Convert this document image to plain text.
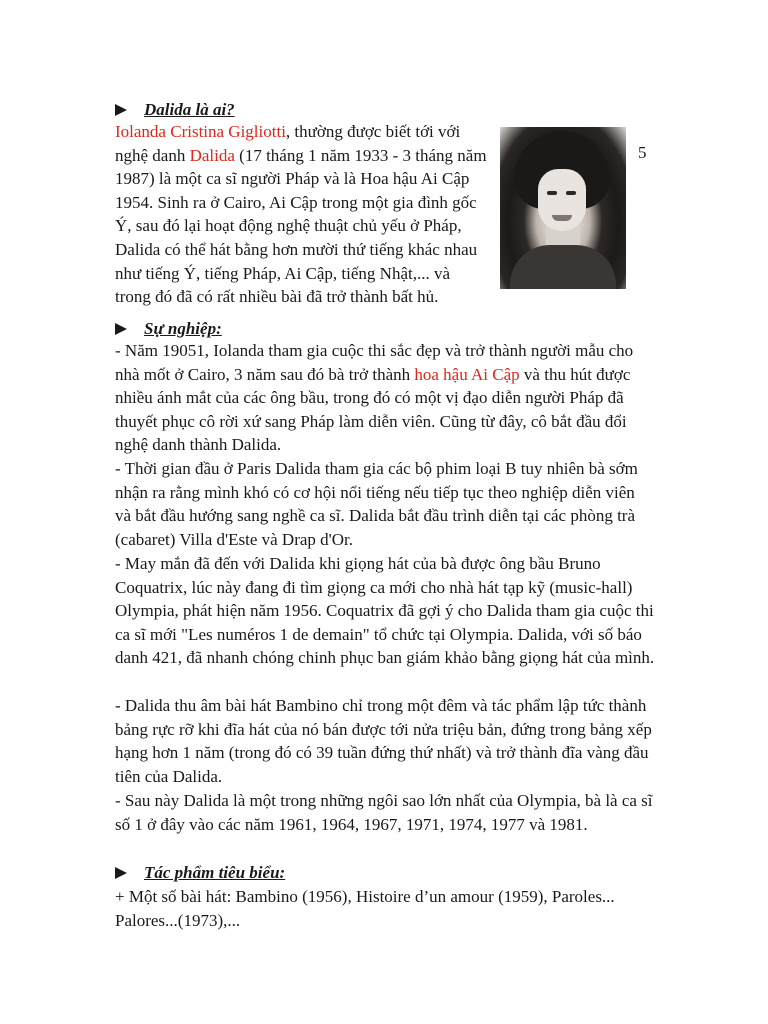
Dalida là ai?

Iolanda Cristina Gigliotti, thường được biết tới với nghệ danh Dalida (17 tháng 1 năm 1933 - 3 tháng năm 1987) là một ca sĩ người Pháp và là Hoa hậu Ai Cập 1954. Sinh ra ở Cairo, Ai Cập trong một gia đình gốc Ý, sau đó lại hoạt động nghệ thuật chủ yếu ở Pháp, Dalida có thể hát bằng hơn mười thứ tiếng khác nhau như tiếng Ý, tiếng Pháp, Ai Cập, tiếng Nhật,... và trong đó đã có rất nhiều bài đã trở thành bất hủ.

5
Sự nghiệp:

- Năm 19051, Iolanda tham gia cuộc thi sắc đẹp và trở thành người mẫu cho nhà mốt ở Cairo, 3 năm sau đó bà trở thành hoa hậu Ai Cập và thu hút được nhiều ánh mắt của các ông bầu, trong đó có một vị đạo diễn người Pháp đã thuyết phục cô rời xứ sang Pháp làm diễn viên. Cũng từ đây, cô bắt đầu đổi nghệ danh thành Dalida.

- Thời gian đầu ở Paris Dalida tham gia các bộ phim loại B tuy nhiên bà sớm nhận ra rằng mình khó có cơ hội nổi tiếng nếu tiếp tục theo nghiệp diễn viên và bắt đầu hướng sang nghề ca sĩ. Dalida bắt đầu trình diễn tại các phòng trà (cabaret) Villa d'Este và Drap d'Or.

- May mắn đã đến với Dalida khi giọng hát của bà được ông bầu Bruno Coquatrix, lúc này đang đi tìm giọng ca mới cho nhà hát tạp kỹ (music-hall) Olympia, phát hiện năm 1956. Coquatrix đã gợi ý cho Dalida tham gia cuộc thi ca sĩ mới "Les numéros 1 de demain" tổ chức tại Olympia. Dalida, với số báo danh 421, đã nhanh chóng chinh phục ban giám khảo bằng giọng hát của mình.

- Dalida thu âm bài hát Bambino chỉ trong một đêm và tác phẩm lập tức thành bảng rực rỡ khi đĩa hát của nó bán được tới nửa triệu bản, đứng trong bảng xếp hạng hơn 1 năm (trong đó có 39 tuần đứng thứ nhất) và trở thành đĩa vàng đầu tiên của Dalida.

- Sau này Dalida là một trong những ngôi sao lớn nhất của Olympia, bà là ca sĩ số 1 ở đây vào các năm 1961, 1964, 1967, 1971, 1974, 1977 và 1981.

Tác phẩm tiêu biểu:

+ Một số bài hát: Bambino (1956), Histoire d’un amour (1959), Paroles... Palores...(1973),...
